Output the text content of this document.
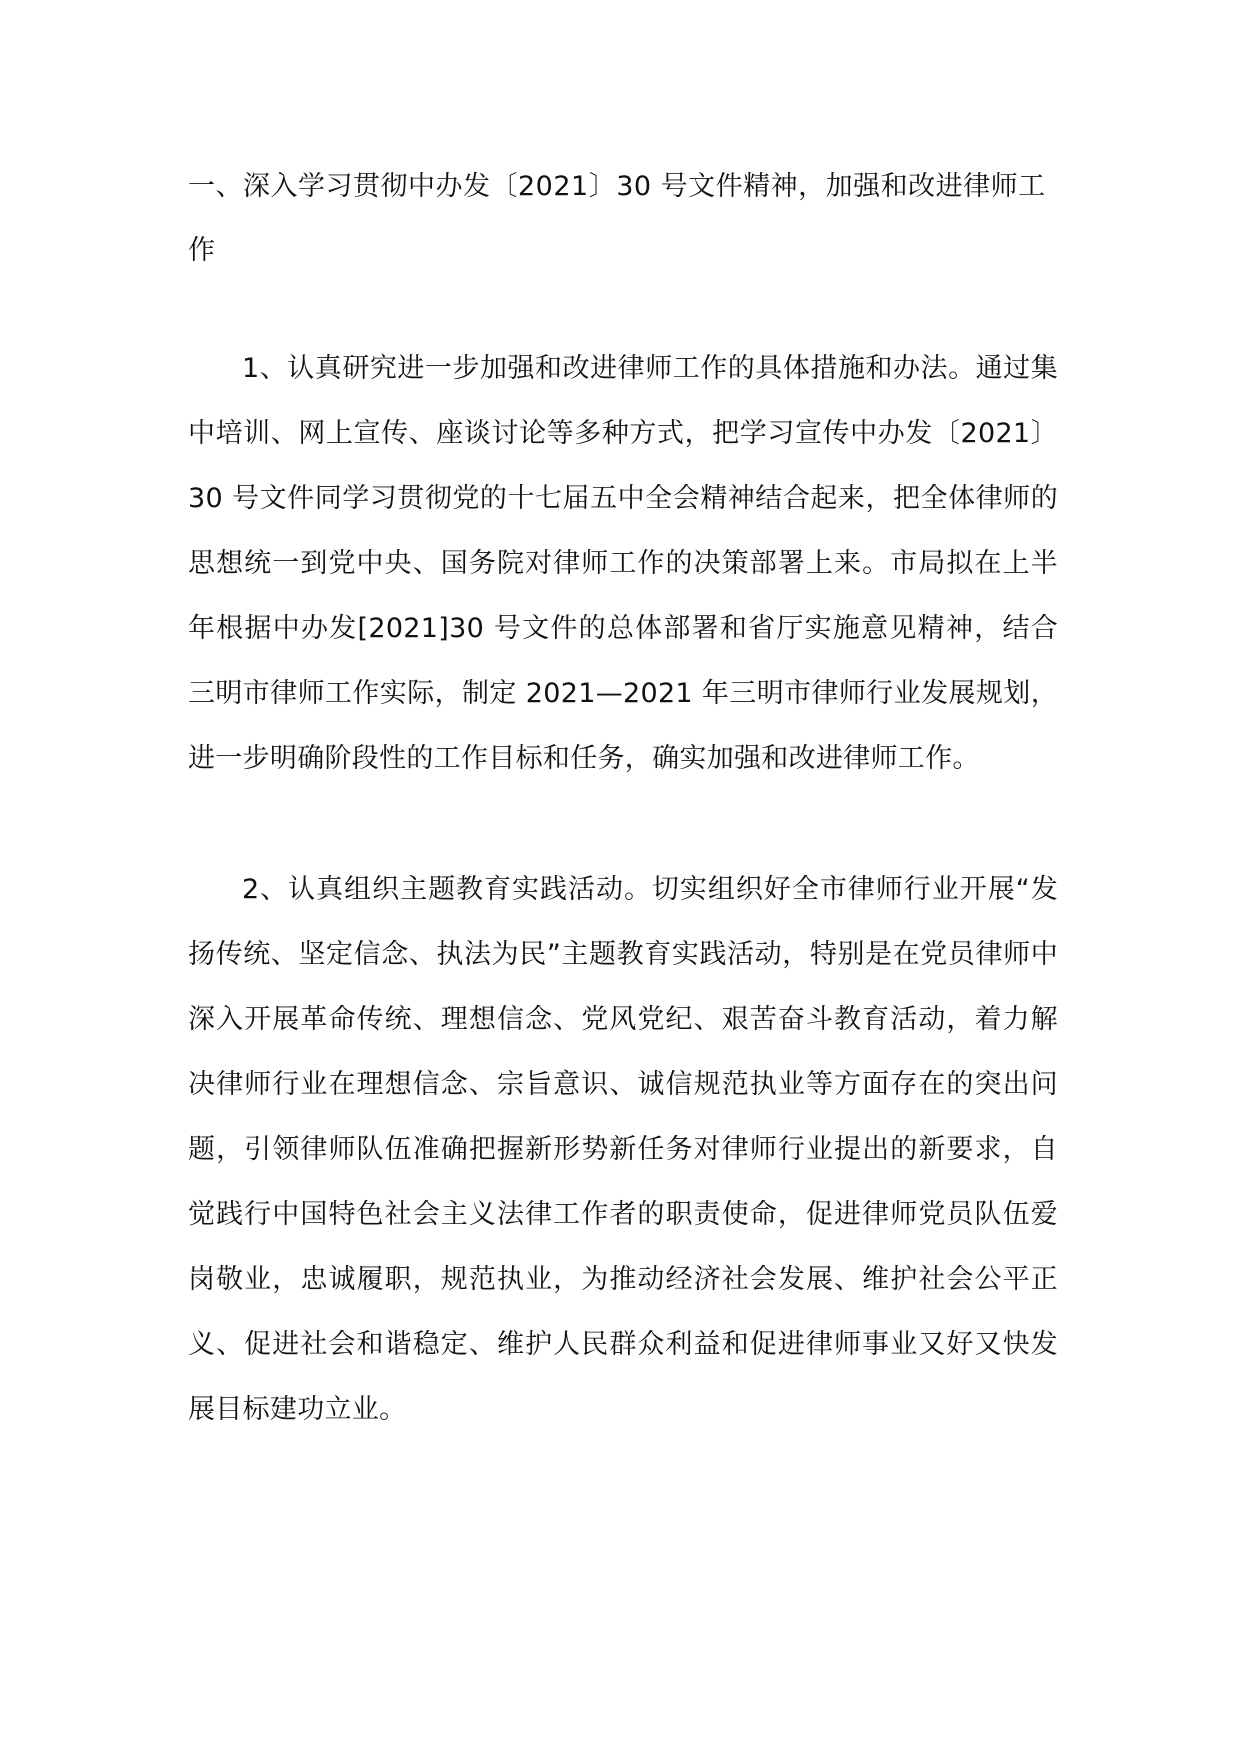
一、深入学习贯彻中办发〔2021〕30 号文件精神，加强和改进律师工作

1、认真研究进一步加强和改进律师工作的具体措施和办法。通过集中培训、网上宣传、座谈讨论等多种方式，把学习宣传中办发〔2021〕30 号文件同学习贯彻党的十七届五中全会精神结合起来，把全体律师的思想统一到党中央、国务院对律师工作的决策部署上来。市局拟在上半年根据中办发[2021]30 号文件的总体部署和省厅实施意见精神，结合三明市律师工作实际，制定 2021—2021 年三明市律师行业发展规划，进一步明确阶段性的工作目标和任务，确实加强和改进律师工作。

2、认真组织主题教育实践活动。切实组织好全市律师行业开展“发扬传统、坚定信念、执法为民”主题教育实践活动，特别是在党员律师中深入开展革命传统、理想信念、党风党纪、艰苦奋斗教育活动，着力解决律师行业在理想信念、宗旨意识、诚信规范执业等方面存在的突出问题，引领律师队伍准确把握新形势新任务对律师行业提出的新要求，自觉践行中国特色社会主义法律工作者的职责使命，促进律师党员队伍爱岗敬业，忠诚履职，规范执业，为推动经济社会发展、维护社会公平正义、促进社会和谐稳定、维护人民群众利益和促进律师事业又好又快发展目标建功立业。
